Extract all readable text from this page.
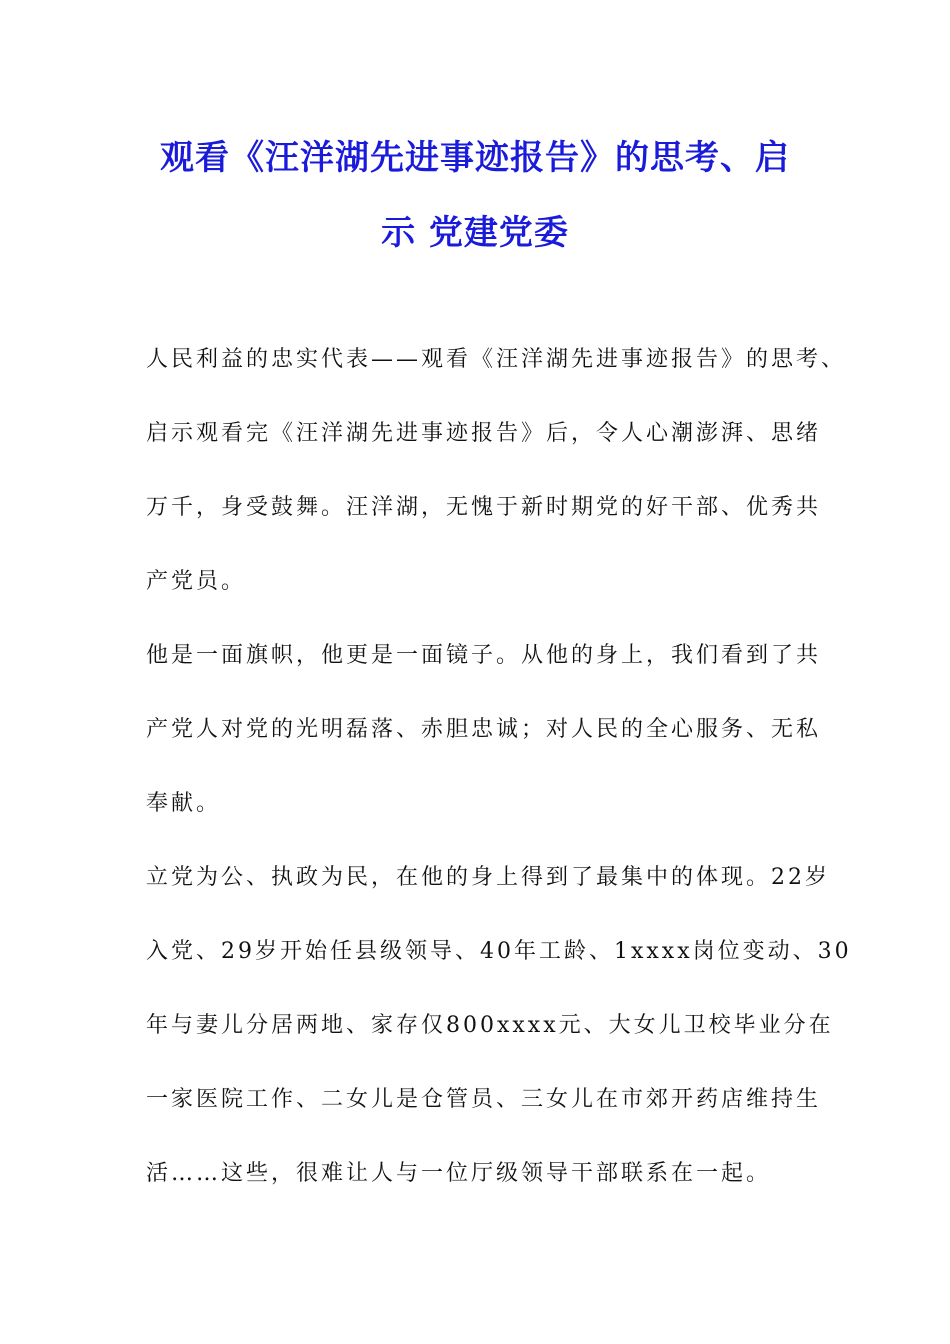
观看《汪洋湖先进事迹报告》的思考、启
示 党建党委
人民利益的忠实代表——观看《汪洋湖先进事迹报告》的思考、
启示观看完《汪洋湖先进事迹报告》后，令人心潮澎湃、思绪
万千，身受鼓舞。汪洋湖，无愧于新时期党的好干部、优秀共
产党员。
他是一面旗帜，他更是一面镜子。从他的身上，我们看到了共
产党人对党的光明磊落、赤胆忠诚；对人民的全心服务、无私
奉献。
立党为公、执政为民，在他的身上得到了最集中的体现。22岁
入党、29岁开始任县级领导、40年工龄、1xxxx岗位变动、30
年与妻儿分居两地、家存仅800xxxx元、大女儿卫校毕业分在
一家医院工作、二女儿是仓管员、三女儿在市郊开药店维持生
活……这些，很难让人与一位厅级领导干部联系在一起。
